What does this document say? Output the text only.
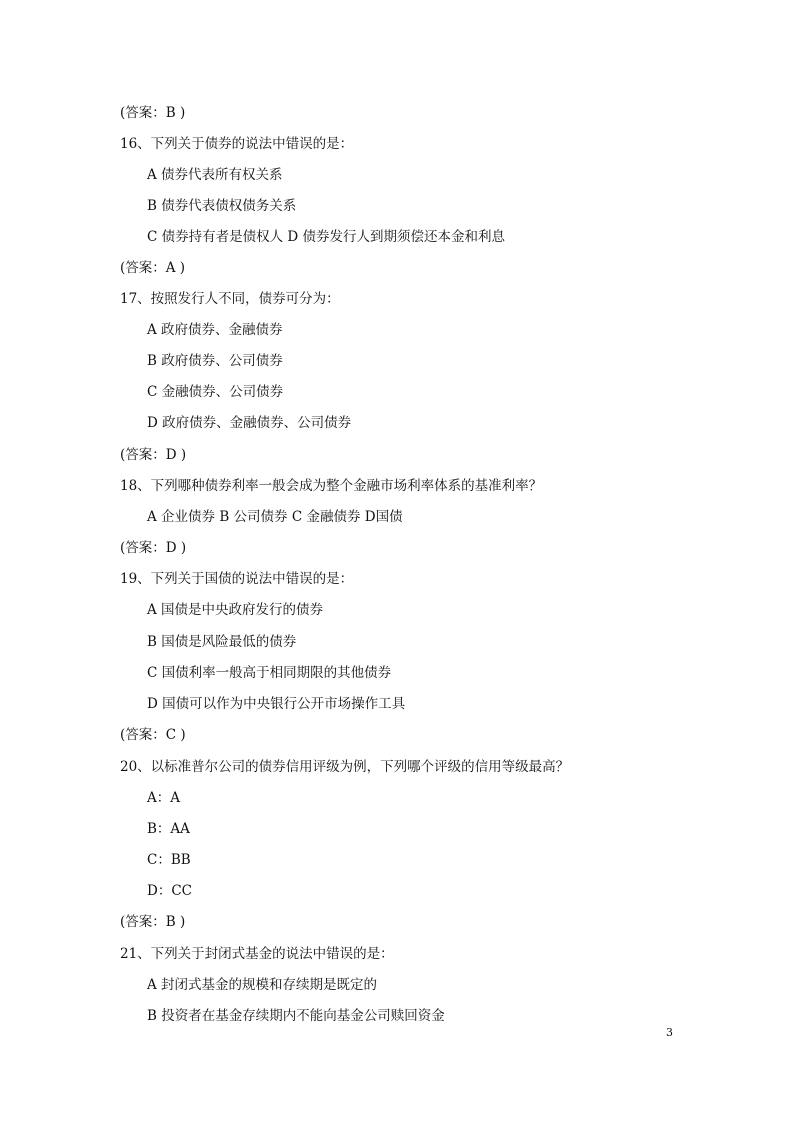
(答案：B )
16、下列关于债券的说法中错误的是：
A 债券代表所有权关系
B 债券代表债权债务关系
C 债券持有者是债权人 D 债券发行人到期须偿还本金和利息
(答案：A )
17、按照发行人不同，债券可分为：
A 政府债券、金融债券
B 政府债券、公司债券
C 金融债券、公司债券
D 政府债券、金融债券、公司债券
(答案：D )
18、下列哪种债券利率一般会成为整个金融市场利率体系的基准利率？
A 企业债券 B 公司债券 C 金融债券 D国债
(答案：D )
19、下列关于国债的说法中错误的是：
A 国债是中央政府发行的债券
B 国债是风险最低的债券
C 国债利率一般高于相同期限的其他债券
D 国债可以作为中央银行公开市场操作工具
(答案：C )
20、以标准普尔公司的债券信用评级为例，下列哪个评级的信用等级最高？
A：A
B：AA
C：BB
D：CC
(答案：B )
21、下列关于封闭式基金的说法中错误的是：
A 封闭式基金的规模和存续期是既定的
B 投资者在基金存续期内不能向基金公司赎回资金
3
